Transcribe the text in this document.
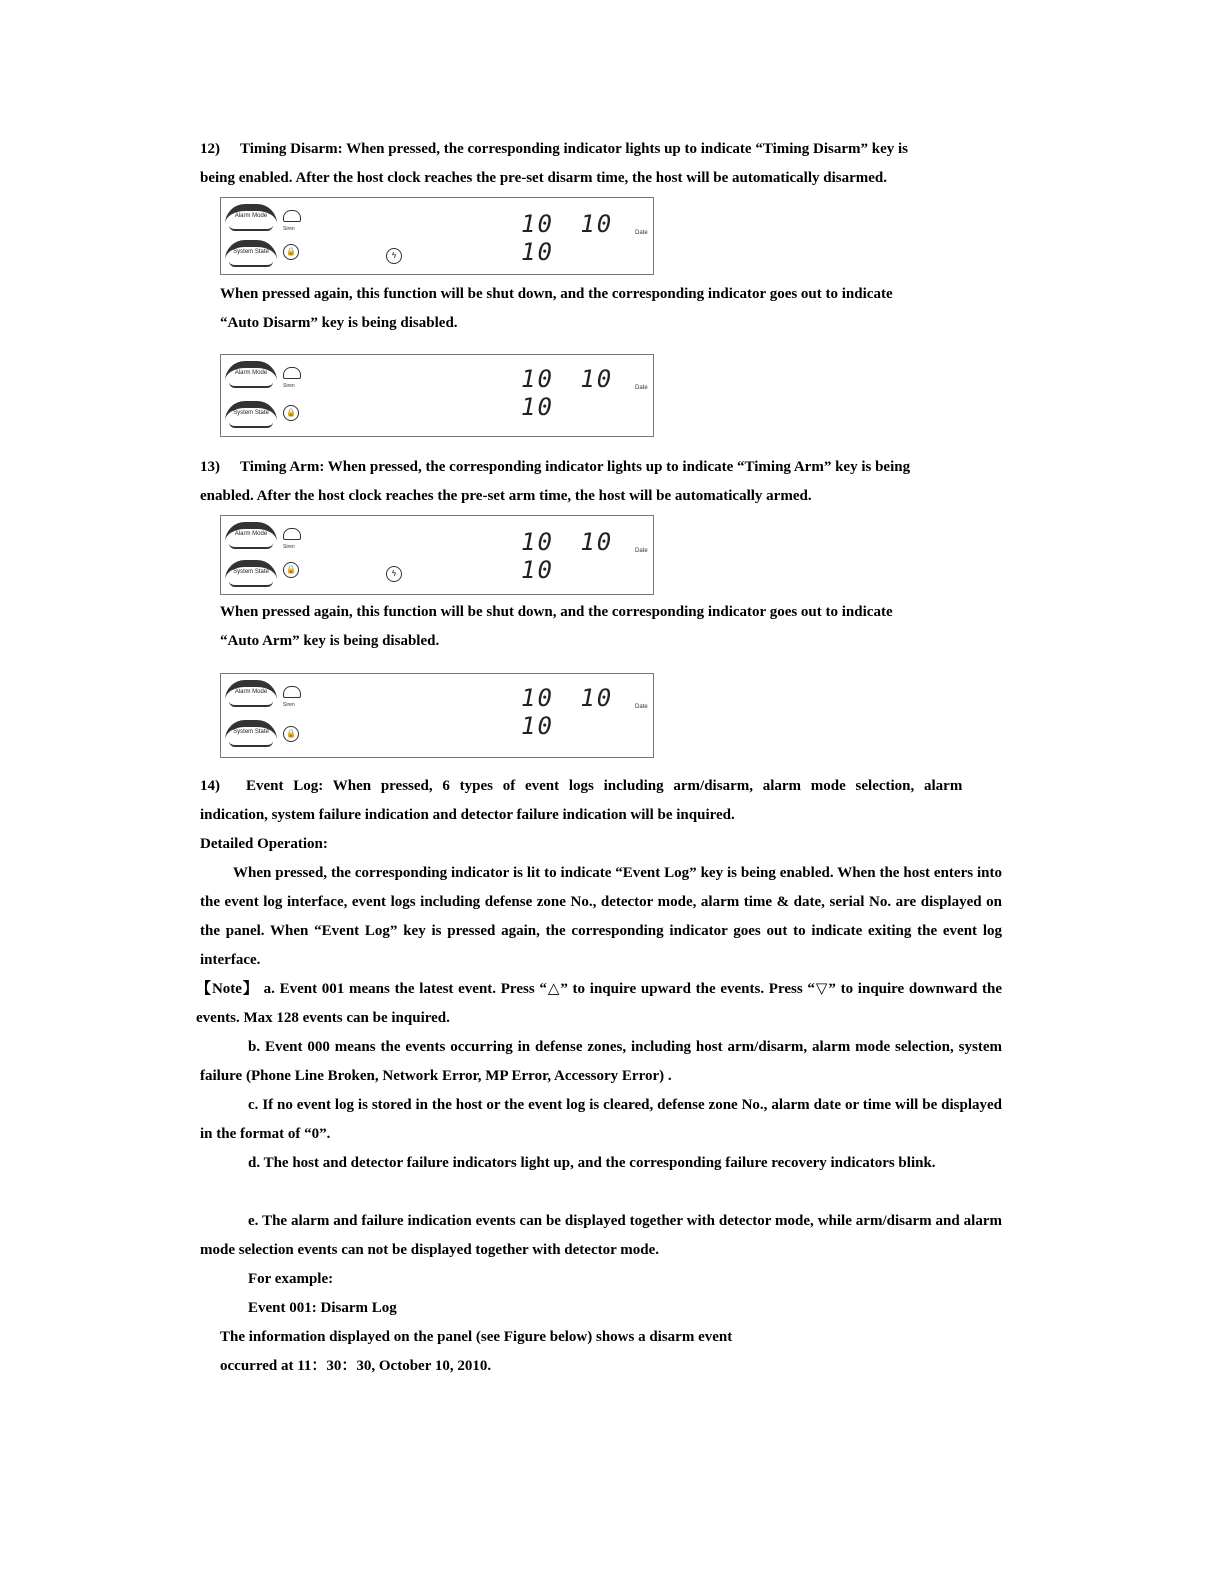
12) Timing Disarm: When pressed, the corresponding indicator lights up to indicate “Timing Disarm” key is
being enabled. After the host clock reaches the pre-set disarm time, the host will be automatically disarmed.
Alarm Mode
System State
Siren
🔒	ϟ
10 10 10
Date
When pressed again, this function will be shut down, and the corresponding indicator goes out to indicate
“Auto Disarm” key is being disabled.
Alarm Mode
System State
Siren
🔒
10 10 10
Date
13) Timing Arm: When pressed, the corresponding indicator lights up to indicate “Timing Arm” key is being
enabled. After the host clock reaches the pre-set arm time, the host will be automatically armed.
Alarm Mode
System State
Siren
🔒	ϟ
10 10 10
Date
When pressed again, this function will be shut down, and the corresponding indicator goes out to indicate
“Auto Arm” key is being disabled.
Alarm Mode
System State
Siren
🔒
10 10 10
Date
14) Event Log: When pressed, 6 types of event logs including arm/disarm, alarm mode selection, alarm
indication, system failure indication and detector failure indication will be inquired.
Detailed Operation:

When pressed, the corresponding indicator is lit to indicate “Event Log” key is being enabled. When the host enters into the event log interface, event logs including defense zone No., detector mode, alarm time & date, serial No. are displayed on the panel. When “Event Log” key is pressed again, the corresponding indicator goes out to indicate exiting the event log interface.

【Note】 a. Event 001 means the latest event. Press “△” to inquire upward the events. Press “▽” to inquire downward the events. Max 128 events can be inquired.

b. Event 000 means the events occurring in defense zones, including host arm/disarm, alarm mode selection, system failure (Phone Line Broken, Network Error, MP Error, Accessory Error) .

c. If no event log is stored in the host or the event log is cleared, defense zone No., alarm date or time will be displayed in the format of “0”.

d. The host and detector failure indicators light up, and the corresponding failure recovery indicators blink.

e. The alarm and failure indication events can be displayed together with detector mode, while arm/disarm and alarm mode selection events can not be displayed together with detector mode.

For example:
Event 001: Disarm Log
The information displayed on the panel (see Figure below) shows a disarm event
occurred at 11：30：30, October 10, 2010.
